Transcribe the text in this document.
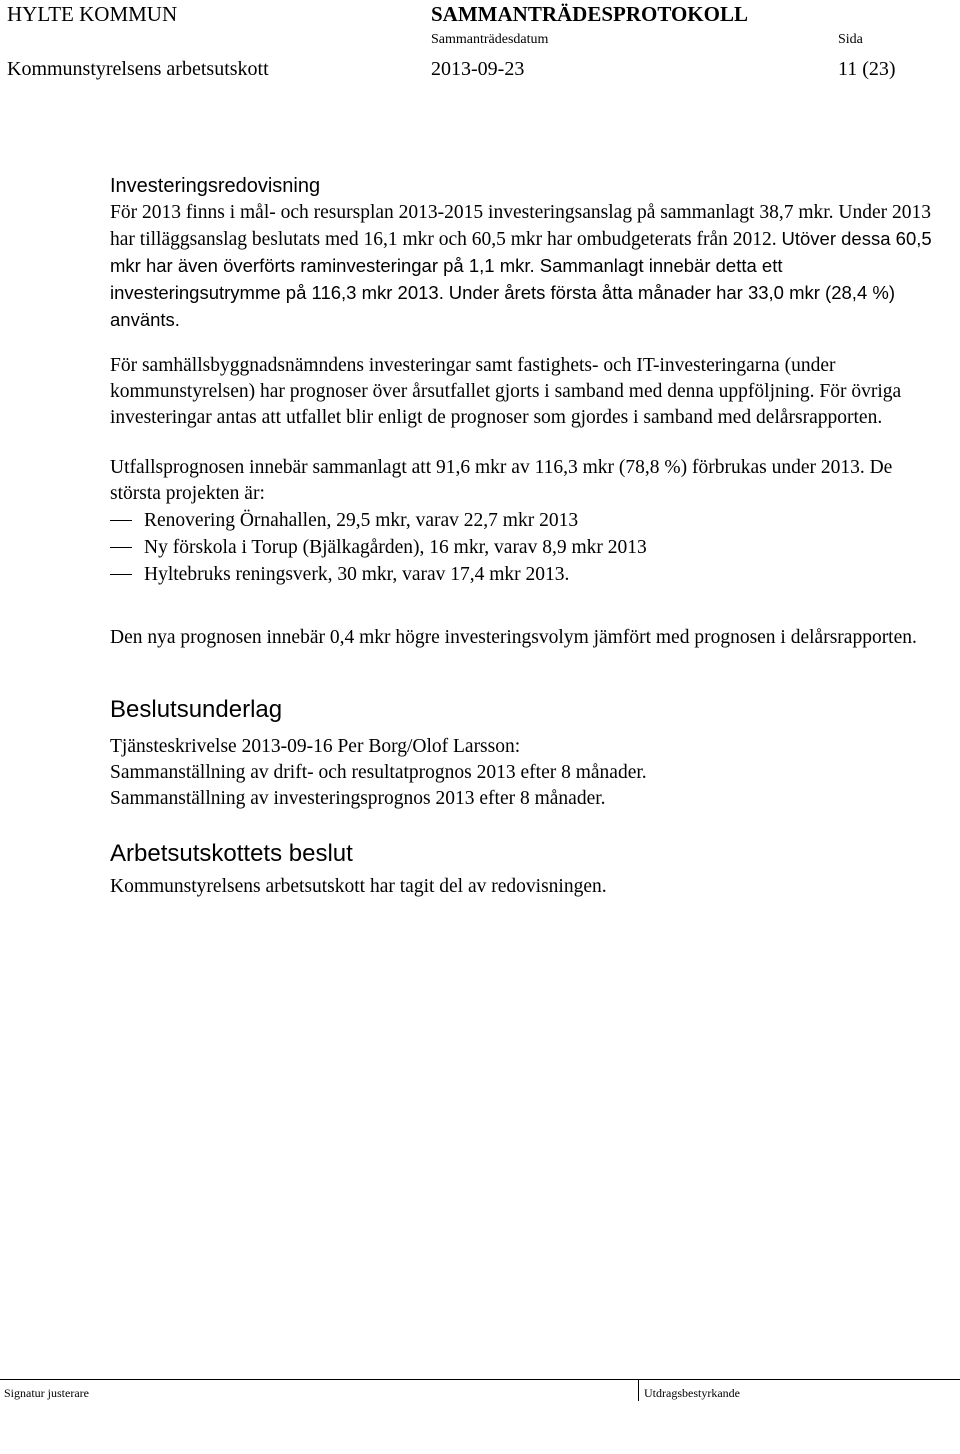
HYLTE KOMMUN	SAMMANTRÄDESPROTOKOLL
Sammanträdesdatum	Sida
Kommunstyrelsens arbetsutskott	2013-09-23	11 (23)
Investeringsredovisning

För 2013 finns i mål- och resursplan 2013-2015 investeringsanslag på sammanlagt 38,7 mkr. Under 2013 har tilläggsanslag beslutats med 16,1 mkr och 60,5 mkr har ombudgeterats från 2012. Utöver dessa 60,5 mkr har även överförts raminvesteringar på 1,1 mkr. Sammanlagt innebär detta ett investeringsutrymme på 116,3 mkr 2013. Under årets första åtta månader har 33,0 mkr (28,4 %) använts.

För samhällsbyggnadsnämndens investeringar samt fastighets- och IT-investeringarna (under kommunstyrelsen) har prognoser över årsutfallet gjorts i samband med denna uppföljning. För övriga investeringar antas att utfallet blir enligt de prognoser som gjordes i samband med delårsrapporten.

Utfallsprognosen innebär sammanlagt att 91,6 mkr av 116,3 mkr (78,8 %) förbrukas under 2013. De största projekten är:

Renovering Örnahallen, 29,5 mkr, varav 22,7 mkr 2013
Ny förskola i Torup (Bjälkagården), 16 mkr, varav 8,9 mkr 2013
Hyltebruks reningsverk, 30 mkr, varav 17,4 mkr 2013.

Den nya prognosen innebär 0,4 mkr högre investeringsvolym jämfört med prognosen i delårsrapporten.

Beslutsunderlag

Tjänsteskrivelse 2013-09-16 Per Borg/Olof Larsson:

Sammanställning av drift- och resultatprognos 2013 efter 8 månader.

Sammanställning av investeringsprognos 2013 efter 8 månader.

Arbetsutskottets beslut

Kommunstyrelsens arbetsutskott har tagit del av redovisningen.

Signatur justerare	Utdragsbestyrkande
